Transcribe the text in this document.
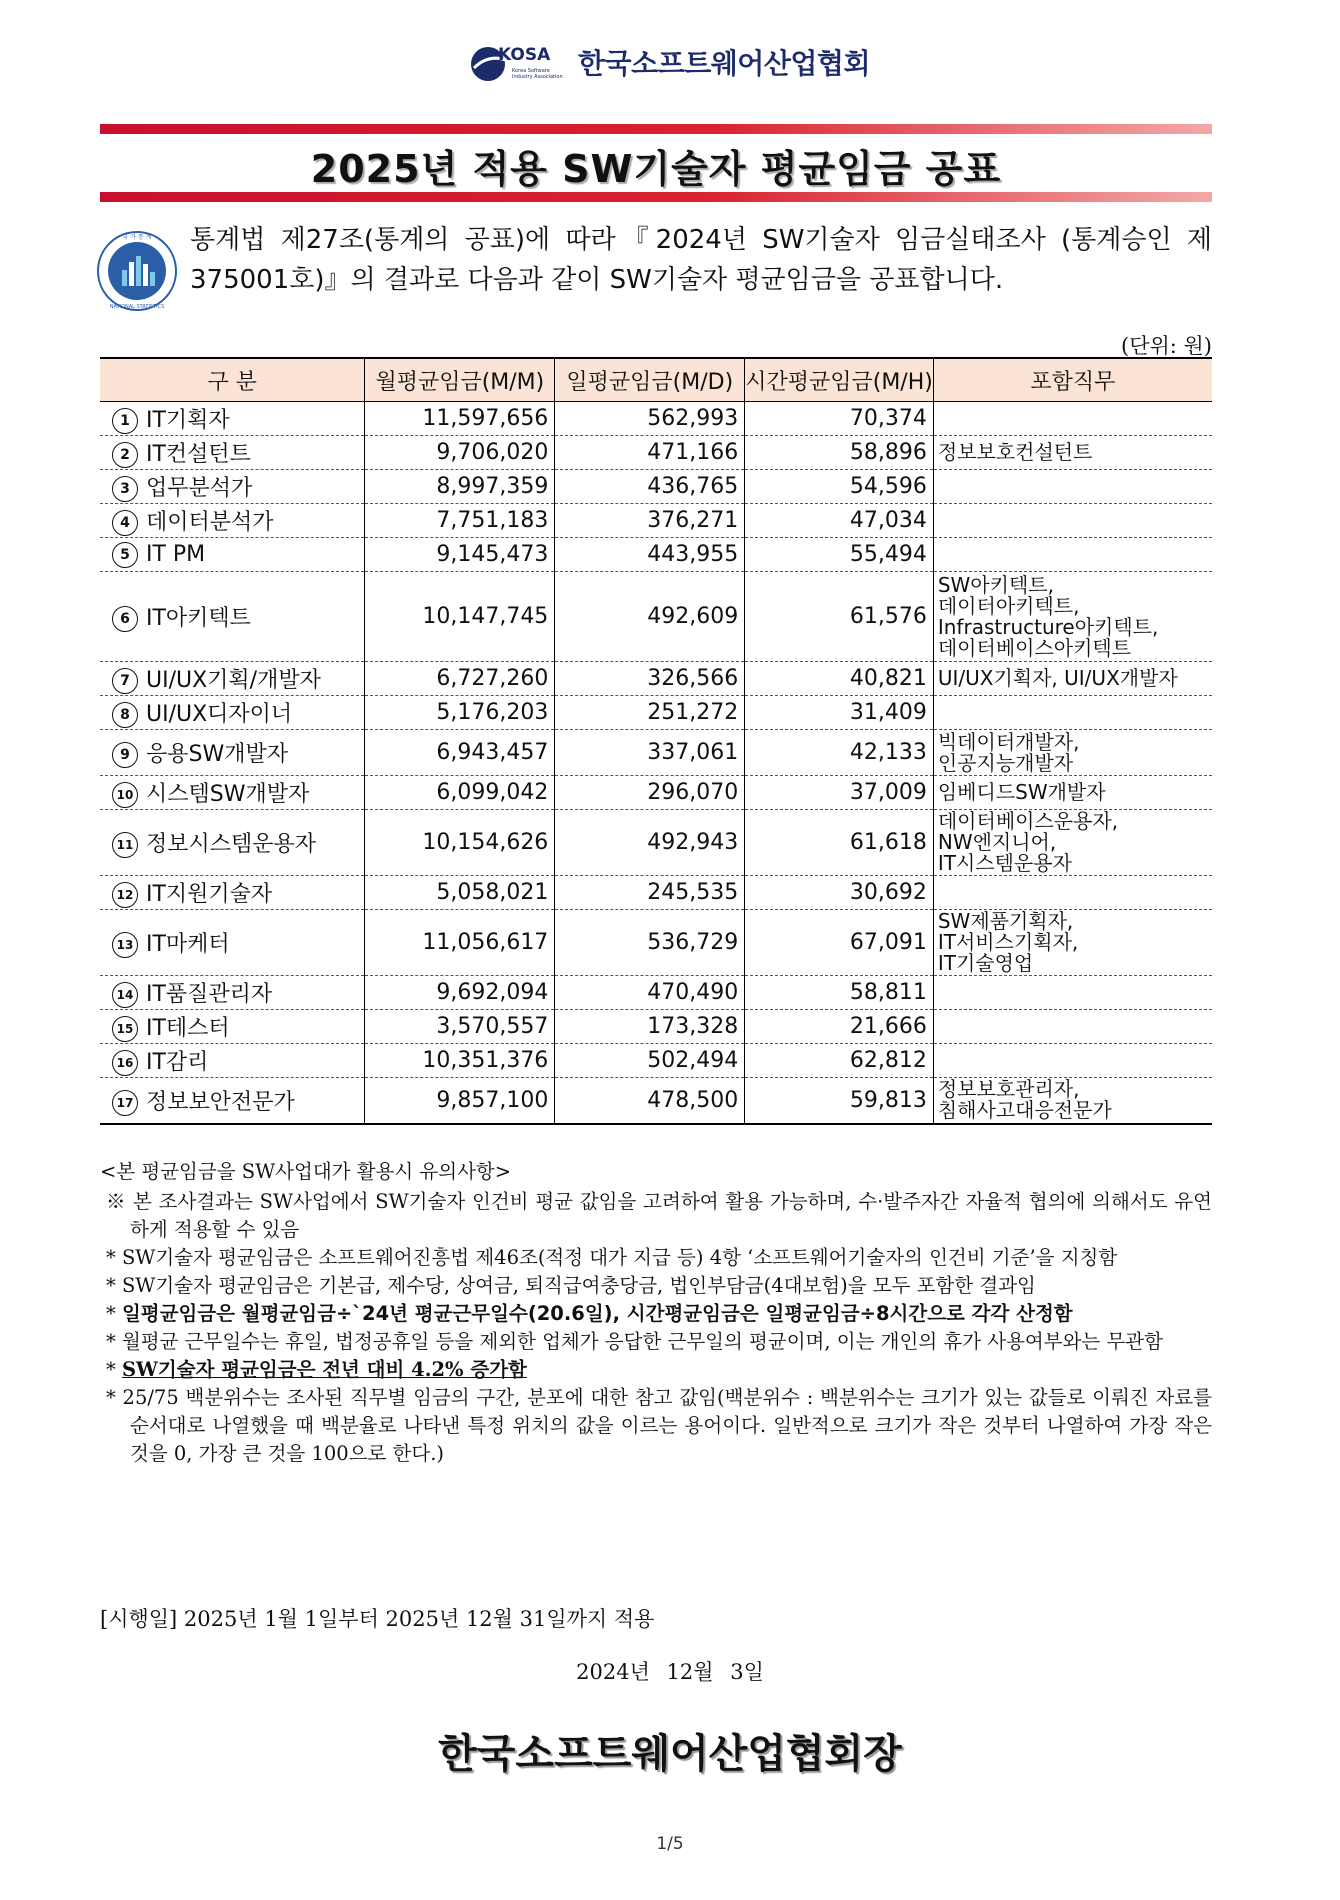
KOSA
Korea Software
Industry Association 한국소프트웨어산업협회
2025년 적용 SW기술자 평균임금 공표
국 가 통 계
NATIONAL STATISTICS
통계법 제27조(통계의 공표)에 따라『2024년 SW기술자 임금실태조사 (통계승인 제375001호)』의 결과로 다음과 같이 SW기술자 평균임금을 공표합니다.
(단위: 원)
구 분	월평균임금(M/M)	일평균임금(M/D)	시간평균임금(M/H)	포함직무
1 IT기획자	11,597,656	562,993	70,374	
2 IT컨설턴트	9,706,020	471,166	58,896	정보보호컨설턴트

3 업무분석가	8,997,359	436,765	54,596	
4 데이터분석가	7,751,183	376,271	47,034	
5 IT PM	9,145,473	443,955	55,494	
6 IT아키텍트	10,147,745	492,609	61,576	SW아키텍트,
데이터아키텍트,
Infrastructure아키텍트,
데이터베이스아키텍트

7 UI/UX기획/개발자	6,727,260	326,566	40,821	UI/UX기획자, UI/UX개발자

8 UI/UX디자이너	5,176,203	251,272	31,409	
9 응용SW개발자	6,943,457	337,061	42,133	빅데이터개발자,
인공지능개발자

10 시스템SW개발자	6,099,042	296,070	37,009	임베디드SW개발자

11 정보시스템운용자	10,154,626	492,943	61,618	데이터베이스운용자,
NW엔지니어,
IT시스템운용자

12 IT지원기술자	5,058,021	245,535	30,692	
13 IT마케터	11,056,617	536,729	67,091	SW제품기획자,
IT서비스기획자,
IT기술영업

14 IT품질관리자	9,692,094	470,490	58,811	
15 IT테스터	3,570,557	173,328	21,666	
16 IT감리	10,351,376	502,494	62,812	
17 정보보안전문가	9,857,100	478,500	59,813	정보보호관리자,
침해사고대응전문가
<본 평균임금을 SW사업대가 활용시 유의사항>
※ 본 조사결과는 SW사업에서 SW기술자 인건비 평균 값임을 고려하여 활용 가능하며, 수·발주자간 자율적 협의에 의해서도 유연하게 적용할 수 있음
* SW기술자 평균임금은 소프트웨어진흥법 제46조(적정 대가 지급 등) 4항 ‘소프트웨어기술자의 인건비 기준’을 지칭함
* SW기술자 평균임금은 기본급, 제수당, 상여금, 퇴직급여충당금, 법인부담금(4대보험)을 모두 포함한 결과임
* 일평균임금은 월평균임금÷`24년 평균근무일수(20.6일), 시간평균임금은 일평균임금÷8시간으로 각각 산정함
* 월평균 근무일수는 휴일, 법정공휴일 등을 제외한 업체가 응답한 근무일의 평균이며, 이는 개인의 휴가 사용여부와는 무관함
* SW기술자 평균임금은 전년 대비 4.2% 증가함
* 25/75 백분위수는 조사된 직무별 임금의 구간, 분포에 대한 참고 값임(백분위수 : 백분위수는 크기가 있는 값들로 이뤄진 자료를 순서대로 나열했을 때 백분율로 나타낸 특정 위치의 값을 이르는 용어이다. 일반적으로 크기가 작은 것부터 나열하여 가장 작은 것을 0, 가장 큰 것을 100으로 한다.)
[시행일] 2025년 1월 1일부터 2025년 12월 31일까지 적용
2024년 12월 3일
한국소프트웨어산업협회장
1/5
